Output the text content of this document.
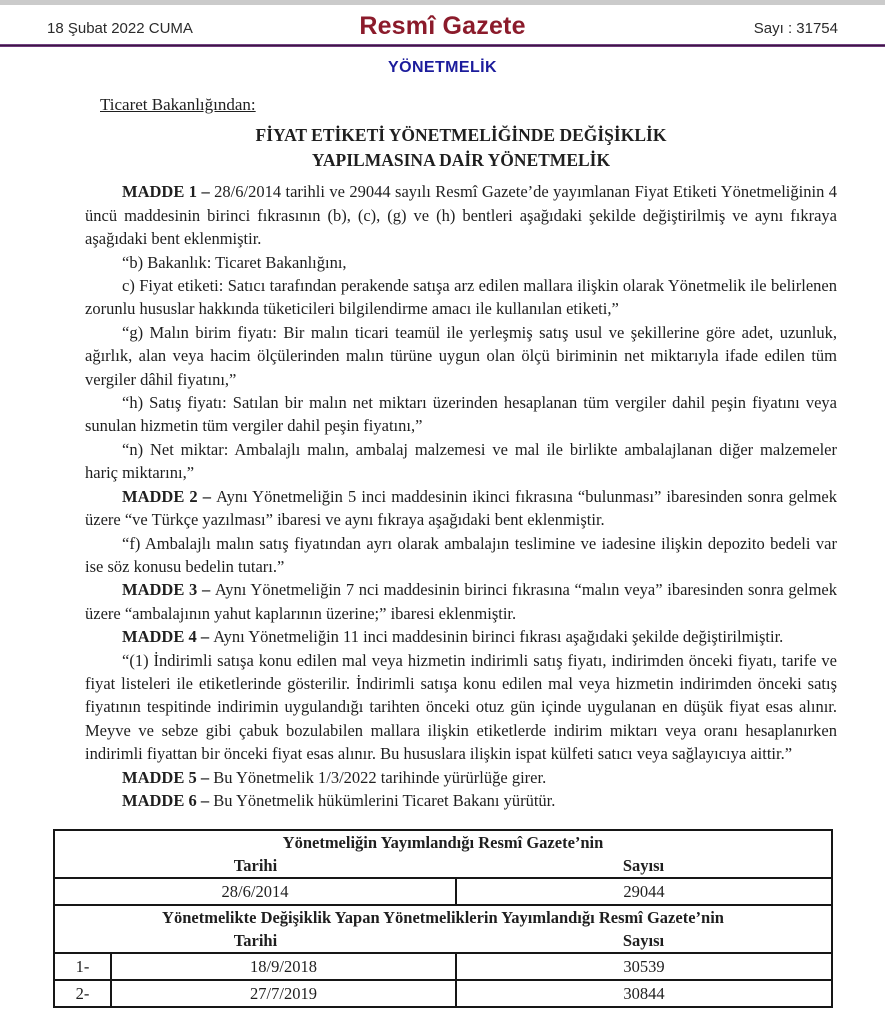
18 Şubat 2022 CUMA	Resmî Gazete	Sayı : 31754
YÖNETMELİK
Ticaret Bakanlığından:
FİYAT ETİKETİ YÖNETMELİĞİNDE DEĞİŞİKLİK
YAPILMASINA DAİR YÖNETMELİK

MADDE 1 – 28/6/2014 tarihli ve 29044 sayılı Resmî Gazete’de yayımlanan Fiyat Etiketi Yönetmeliğinin 4 üncü maddesinin birinci fıkrasının (b), (c), (g) ve (h) bentleri aşağıdaki şekilde değiştirilmiş ve aynı fıkraya aşağıdaki bent eklenmiştir.

“b) Bakanlık: Ticaret Bakanlığını,

c) Fiyat etiketi: Satıcı tarafından perakende satışa arz edilen mallara ilişkin olarak Yönetmelik ile belirlenen zorunlu hususlar hakkında tüketicileri bilgilendirme amacı ile kullanılan etiketi,”

“g) Malın birim fiyatı: Bir malın ticari teamül ile yerleşmiş satış usul ve şekillerine göre adet, uzunluk, ağırlık, alan veya hacim ölçülerinden malın türüne uygun olan ölçü biriminin net miktarıyla ifade edilen tüm vergiler dâhil fiyatını,”

“h) Satış fiyatı: Satılan bir malın net miktarı üzerinden hesaplanan tüm vergiler dahil peşin fiyatını veya sunulan hizmetin tüm vergiler dahil peşin fiyatını,”

“n) Net miktar: Ambalajlı malın, ambalaj malzemesi ve mal ile birlikte ambalajlanan diğer malzemeler hariç miktarını,”

MADDE 2 – Aynı Yönetmeliğin 5 inci maddesinin ikinci fıkrasına “bulunması” ibaresinden sonra gelmek üzere “ve Türkçe yazılması” ibaresi ve aynı fıkraya aşağıdaki bent eklenmiştir.

“f) Ambalajlı malın satış fiyatından ayrı olarak ambalajın teslimine ve iadesine ilişkin depozito bedeli var ise söz konusu bedelin tutarı.”

MADDE 3 – Aynı Yönetmeliğin 7 nci maddesinin birinci fıkrasına “malın veya” ibaresinden sonra gelmek üzere “ambalajının yahut kaplarının üzerine;” ibaresi eklenmiştir.

MADDE 4 – Aynı Yönetmeliğin 11 inci maddesinin birinci fıkrası aşağıdaki şekilde değiştirilmiştir.

“(1) İndirimli satışa konu edilen mal veya hizmetin indirimli satış fiyatı, indirimden önceki fiyatı, tarife ve fiyat listeleri ile etiketlerinde gösterilir. İndirimli satışa konu edilen mal veya hizmetin indirimden önceki satış fiyatının tespitinde indirimin uygulandığı tarihten önceki otuz gün içinde uygulanan en düşük fiyat esas alınır. Meyve ve sebze gibi çabuk bozulabilen mallara ilişkin etiketlerde indirim miktarı veya oranı hesaplanırken indirimli fiyattan bir önceki fiyat esas alınır. Bu hususlara ilişkin ispat külfeti satıcı veya sağlayıcıya aittir.”

MADDE 5 – Bu Yönetmelik 1/3/2022 tarihinde yürürlüğe girer.

MADDE 6 – Bu Yönetmelik hükümlerini Ticaret Bakanı yürütür.

Yönetmeliğin Yayımlandığı Resmî Gazete’nin		
Tarihi		Sayısı
28/6/2014		29044
Yönetmelikte Değişiklik Yapan Yönetmeliklerin Yayımlandığı Resmî Gazete’nin		
Tarihi		Sayısı
1-	18/9/2018	30539
2-	27/7/2019	30844
